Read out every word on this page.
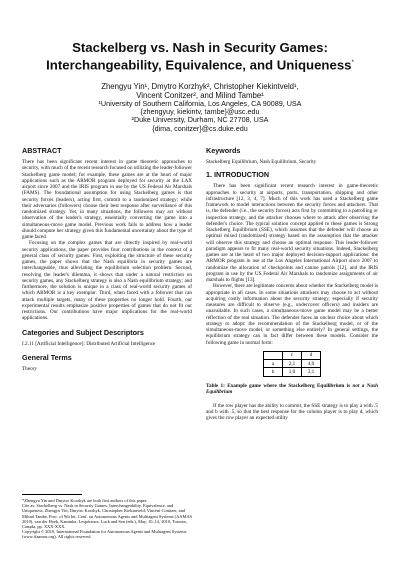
Stackelberg vs. Nash in Security Games:
Interchangeability, Equivalence, and Uniqueness*
Zhengyu Yin¹, Dmytro Korzhyk², Christopher Kiekintveld¹,
Vincent Conitzer², and Milind Tambe¹
¹University of Southern California, Los Angeles, CA 90089, USA
{zhengyuy, kiekintv, tambe}@usc.edu
²Duke University, Durham, NC 27708, USA
{dima, conitzer}@cs.duke.edu
ABSTRACT

There has been significant recent interest in game theoretic approaches to security, with much of the recent research focused on utilizing the leader-follower Stackelberg game model; for example, these games are at the heart of major applications such as the ARMOR program deployed for security at the LAX airport since 2007 and the IRIS program in use by the US Federal Air Marshals (FAMS). The foundational assumption for using Stackelberg games is that security forces (leaders), acting first, commit to a randomized strategy; while their adversaries (followers) choose their best response after surveillance of this randomized strategy. Yet, in many situations, the followers may act without observation of the leader's strategy, essentially converting the game into a simultaneous-move game model. Previous work fails to address how a leader should compute her strategy given this fundamental uncertainty about the type of game faced.

Focusing on the complex games that are directly inspired by real-world security applications, the paper provides four contributions in the context of a general class of security games. First, exploiting the structure of these security games, the paper shows that the Nash equilibria in security games are interchangeable, thus alleviating the equilibrium selection problem. Second, resolving the leader's dilemma, it shows that under a natural restriction on security games, any Stackelberg strategy is also a Nash equilibrium strategy; and furthermore, the solution is unique in a class of real-world security games of which ARMOR is a key exemplar. Third, when faced with a follower that can attack multiple targets, many of these properties no longer hold. Fourth, our experimental results emphasize positive properties of games that do not fit our restrictions. Our contributions have major implications for the real-world applications.

Categories and Subject Descriptors

I.2.11 [Artificial Intelligence]: Distributed Artificial Intelligence

General Terms

Theory

*Zhengyu Yin and Dmytro Korzhyk are both first authors of this paper.
Cite as: Stackelberg vs. Nash in Security Games: Interchangeability, Equivalence, and Uniqueness, Zhengyu Yin, Dmytro Korzhyk, Christopher Kiekintveld, Vincent Conitzer, and Milind Tambe, Proc. of 9th Int. Conf. on Autonomous Agents and Multiagent Systems (AAMAS 2010), van der Hoek, Kaminka, Lespérance, Luck and Sen (eds.), May, 10–14, 2010, Toronto, Canada, pp. XXX-XXX.
Copyright © 2010, International Foundation for Autonomous Agents and Multiagent Systems (www.ifaamas.org). All rights reserved.
Keywords
Stackelberg Equilibrium, Nash Equilibrium, Security
1. INTRODUCTION

There has been significant recent research interest in game-theoretic approaches to security at airports, ports, transportation, shipping and other infrastructure [12, 3, 4, 7]. Much of this work has used a Stackelberg game framework to model interactions between the security forces and attackers. That is, the defender (i.e., the security forces) acts first by committing to a patrolling or inspection strategy, and the attacker chooses where to attack after observing the defender's choice. The typical solution concept applied to these games is Strong Stackelberg Equilibrium (SSE), which assumes that the defender will choose an optimal mixed (randomized) strategy based on the assumption that the attacker will observe this strategy and choose an optimal response. This leader-follower paradigm appears to fit many real-world security situations. Indeed, Stackelberg games are at the heart of two major deployed decision-support applications: the ARMOR program in use at the Los Angeles International Airport since 2007 to randomize the allocation of checkpoints and canine patrols [12], and the IRIS program in use by the US Federal Air Marshals to randomize assignments of air marshals to flights [13].

However, there are legitimate concerns about whether the Stackelberg model is appropriate in all cases. In some situations attackers may choose to act without acquiring costly information about the security strategy, especially if security measures are difficult to observe (e.g., undercover officers) and insiders are unavailable. In such cases, a simultaneous-move game model may be a better reflection of the real situation. The defender faces an unclear choice about which strategy to adopt: the recommendation of the Stackelberg model, or of the simultaneous-move model, or something else entirely? In general settings, the equilibrium strategy can in fact differ between these models. Consider the following game in normal form:

	c	d
a	2,1	4,0
b	1,0	3,1
Table 1: Example game where the Stackelberg Equilibrium is not a Nash Equilibrium

If the row player has the ability to commit, the SSE strategy is to play a with .5 and b with .5, so that the best response for the column player is to play d, which gives the row player an expected utility
